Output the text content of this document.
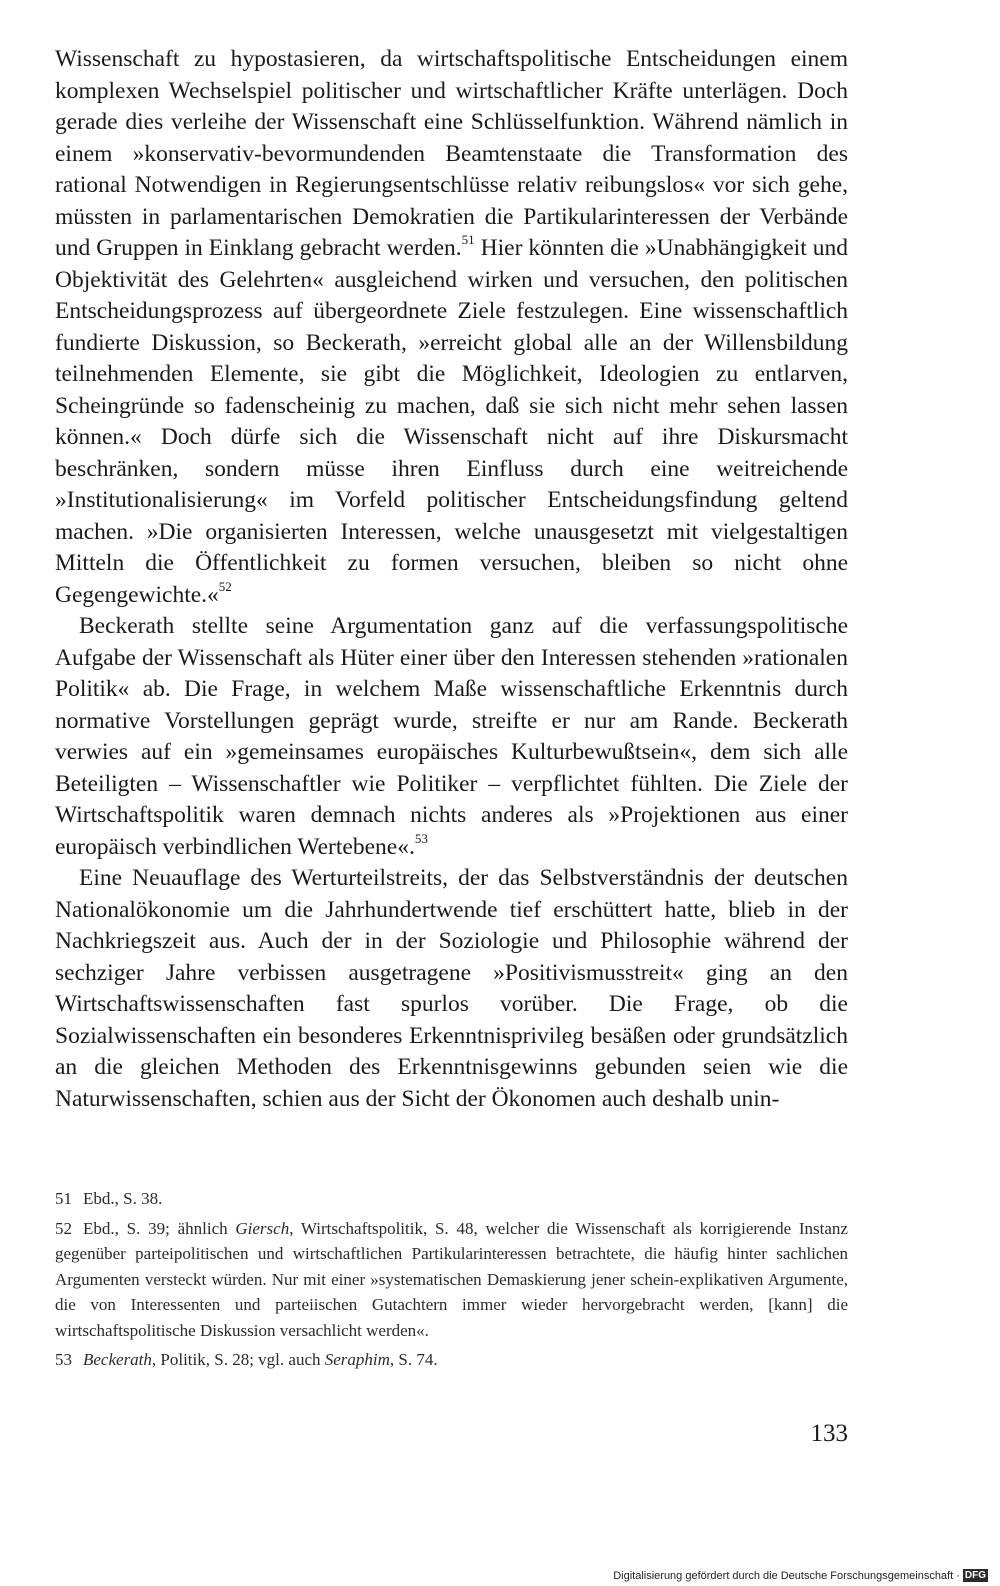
Wissenschaft zu hypostasieren, da wirtschaftspolitische Entscheidungen einem komplexen Wechselspiel politischer und wirtschaftlicher Kräfte unterlägen. Doch gerade dies verleihe der Wissenschaft eine Schlüsselfunktion. Während nämlich in einem »konservativ-bevormundenden Beamtenstaate die Transformation des rational Notwendigen in Regierungsentschlüsse relativ reibungslos« vor sich gehe, müssten in parlamentarischen Demokratien die Partikularinteressen der Verbände und Gruppen in Einklang gebracht werden.$^{51}$ Hier könnten die »Unabhängigkeit und Objektivität des Gelehrten« ausgleichend wirken und versuchen, den politischen Entscheidungsprozess auf übergeordnete Ziele festzulegen. Eine wissenschaftlich fundierte Diskussion, so Beckerath, »erreicht global alle an der Willensbildung teilnehmenden Elemente, sie gibt die Möglichkeit, Ideologien zu entlarven, Scheingründe so fadenscheinig zu machen, daß sie sich nicht mehr sehen lassen können.« Doch dürfe sich die Wissenschaft nicht auf ihre Diskursmacht beschränken, sondern müsse ihren Einfluss durch eine weitreichende »Institutionalisierung« im Vorfeld politischer Entscheidungsfindung geltend machen. »Die organisierten Interessen, welche unausgesetzt mit vielgestaltigen Mitteln die Öffentlichkeit zu formen versuchen, bleiben so nicht ohne Gegengewichte.«$^{52}$

Beckerath stellte seine Argumentation ganz auf die verfassungspolitische Aufgabe der Wissenschaft als Hüter einer über den Interessen stehenden »rationalen Politik« ab. Die Frage, in welchem Maße wissenschaftliche Erkenntnis durch normative Vorstellungen geprägt wurde, streifte er nur am Rande. Beckerath verwies auf ein »gemeinsames europäisches Kulturbewußtsein«, dem sich alle Beteiligten – Wissenschaftler wie Politiker – verpflichtet fühlten. Die Ziele der Wirtschaftspolitik waren demnach nichts anderes als »Projektionen aus einer europäisch verbindlichen Wertebene«.$^{53}$

Eine Neuauflage des Werturteilstreits, der das Selbstverständnis der deutschen Nationalökonomie um die Jahrhundertwende tief erschüttert hatte, blieb in der Nachkriegszeit aus. Auch der in der Soziologie und Philosophie während der sechziger Jahre verbissen ausgetragene »Positivismusstreit« ging an den Wirtschaftswissenschaften fast spurlos vorüber. Die Frage, ob die Sozialwissenschaften ein besonderes Erkenntnisprivileg besäßen oder grundsätzlich an die gleichen Methoden des Erkenntnisgewinns gebunden seien wie die Naturwissenschaften, schien aus der Sicht der Ökonomen auch deshalb unin-

51 Ebd., S. 38.

52 Ebd., S. 39; ähnlich Giersch, Wirtschaftspolitik, S. 48, welcher die Wissenschaft als korrigierende Instanz gegenüber parteipolitischen und wirtschaftlichen Partikularinteressen betrachtete, die häufig hinter sachlichen Argumenten versteckt würden. Nur mit einer »systematischen Demaskierung jener schein-explikativen Argumente, die von Interessenten und parteiischen Gutachtern immer wieder hervorgebracht werden, [kann] die wirtschaftspolitische Diskussion versachlicht werden«.

53 Beckerath, Politik, S. 28; vgl. auch Seraphim, S. 74.

133
Digitalisierung gefördert durch die Deutsche Forschungsgemeinschaft · DFG
